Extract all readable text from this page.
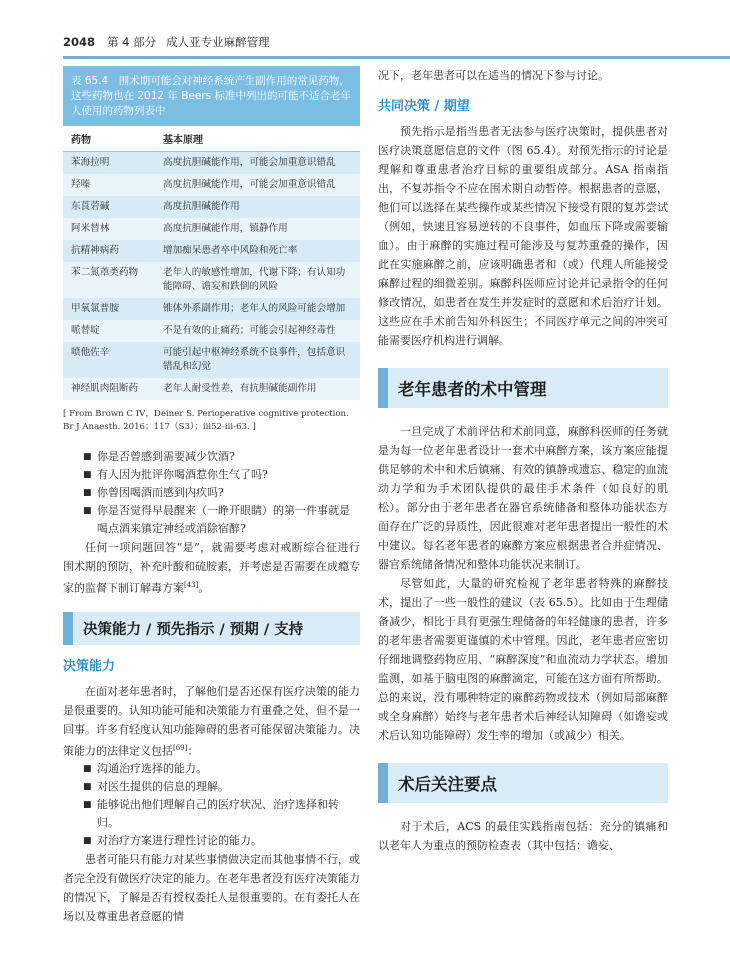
2048 第 4 部分 成人亚专业麻醉管理
表 65.4　围术期可能会对神经系统产生副作用的常见药物，这些药物也在 2012 年 Beers 标准中列出的可能不适合老年人使用的药物列表中
药物	基本原理
苯海拉明	高度抗胆碱能作用，可能会加重意识错乱
羟嗪	高度抗胆碱能作用，可能会加重意识错乱
东莨菪碱	高度抗胆碱能作用
阿米替林	高度抗胆碱能作用，镇静作用
抗精神病药	增加痴呆患者卒中风险和死亡率
苯二氮䓬类药物	老年人的敏感性增加，代谢下降；有认知功能障碍、谵妄和跌倒的风险
甲氧氯普胺	锥体外系副作用；老年人的风险可能会增加
哌替啶	不是有效的止痛药；可能会引起神经毒性
喷他佐辛	可能引起中枢神经系统不良事件，包括意识错乱和幻觉
神经肌肉阻断药	老年人耐受性差，有抗胆碱能副作用
[ From Brown C IV，Deiner S. Perioperative cognitive protection. Br J Anaesth. 2016；117（S3）；iii52-iii-63. ]
■ 你是否曾感到需要减少饮酒?
■ 有人因为批评你喝酒惹你生气了吗?
■ 你曾因喝酒而感到内疚吗?
■ 你是否觉得早晨醒来（一睁开眼睛）的第一件事就是喝点酒来镇定神经或消除宿醉?

任何一项问题回答“是”，就需要考虑对戒断综合征进行围术期的预防，补充叶酸和硫胺素，并考虑是否需要在成瘾专家的监督下制订解毒方案[43]。

决策能力 / 预先指示 / 预期 / 支持
决策能力

在面对老年患者时，了解他们是否还保有医疗决策的能力是很重要的。认知功能可能和决策能力有重叠之处，但不是一回事。许多有轻度认知功能障碍的患者可能保留决策能力。决策能力的法律定义包括[69]：

■ 沟通治疗选择的能力。
■ 对医生提供的信息的理解。
■ 能够说出他们理解自己的医疗状况、治疗选择和转归。
■ 对治疗方案进行理性讨论的能力。

患者可能只有能力对某些事情做决定而其他事情不行，或者完全没有做医疗决定的能力。在老年患者没有医疗决策能力的情况下，了解是否有授权委托人是很重要的。在有委托人在场以及尊重患者意愿的情

况下，老年患者可以在适当的情况下参与讨论。

共同决策 / 期望

预先指示是指当患者无法参与医疗决策时，提供患者对医疗决策意愿信息的文件（图 65.4）。对预先指示的讨论是理解和尊重患者治疗目标的重要组成部分。ASA 指南指出，不复苏指令不应在围术期自动暂停。根据患者的意愿，他们可以选择在某些操作或某些情况下接受有限的复苏尝试（例如，快速且容易逆转的不良事件，如血压下降或需要输血）。由于麻醉的实施过程可能涉及与复苏重叠的操作，因此在实施麻醉之前，应该明确患者和（或）代理人所能接受麻醉过程的细微差别。麻醉科医师应讨论并记录指令的任何修改情况，如患者在发生并发症时的意愿和术后治疗计划。这些应在手术前告知外科医生；不同医疗单元之间的冲突可能需要医疗机构进行调解。

老年患者的术中管理

一旦完成了术前评估和术前同意，麻醉科医师的任务就是为每一位老年患者设计一套术中麻醉方案，该方案应能提供足够的术中和术后镇痛、有效的镇静或遗忘、稳定的血流动力学和为手术团队提供的最佳手术条件（如良好的肌松）。部分由于老年患者在器官系统储备和整体功能状态方面存在广泛的异质性，因此很难对老年患者提出一般性的术中建议。每名老年患者的麻醉方案应根据患者合并症情况、器官系统储备情况和整体功能状况来制订。

尽管如此，大量的研究检视了老年患者特殊的麻醉技术，提出了一些一般性的建议（表 65.5）。比如由于生理储备减少，相比于具有更强生理储备的年轻健康的患者，许多的老年患者需要更谨慎的术中管理。因此，老年患者应密切仔细地调整药物应用、“麻醉深度”和血流动力学状态。增加监测，如基于脑电图的麻醉滴定，可能在这方面有所帮助。总的来说，没有哪种特定的麻醉药物或技术（例如局部麻醉或全身麻醉）始终与老年患者术后神经认知障碍（如谵妄或术后认知功能障碍）发生率的增加（或减少）相关。

术后关注要点

对于术后，ACS 的最佳实践指南包括：充分的镇痛和以老年人为重点的预防检查表（其中包括：谵妄、
